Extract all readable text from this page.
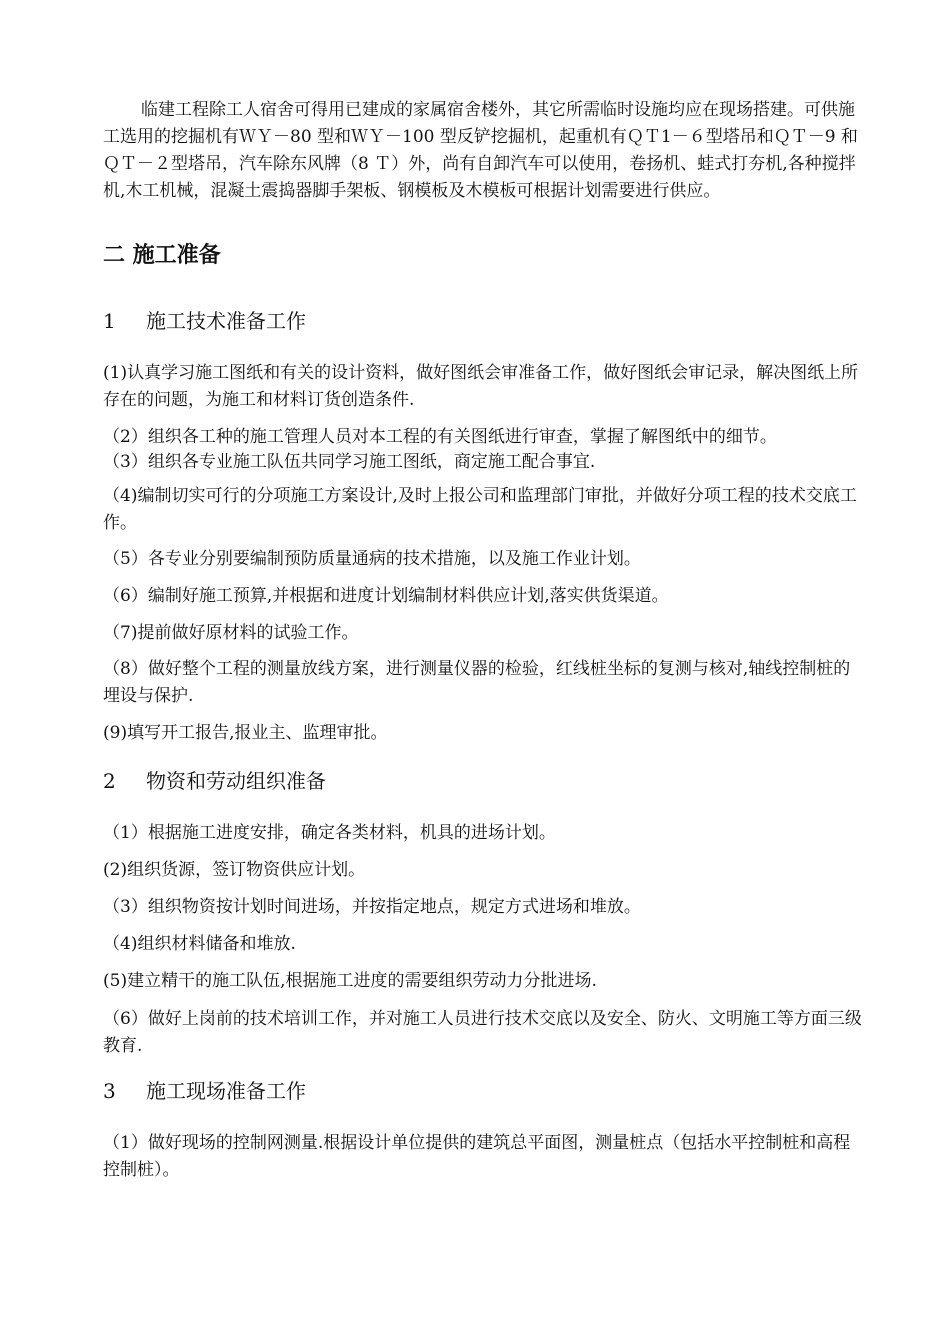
临建工程除工人宿舍可得用已建成的家属宿舍楼外，其它所需临时设施均应在现场搭建。可供施工选用的挖掘机有ＷＹ－80 型和ＷＹ－100 型反铲挖掘机，起重机有ＱＴ1－６型塔吊和ＱＴ－9 和ＱＴ－２型塔吊，汽车除东风牌（8 Ｔ）外，尚有自卸汽车可以使用，卷扬机、蛙式打夯机,各种搅拌机,木工机械，混凝土震捣器脚手架板、钢模板及木模板可根据计划需要进行供应。

二 施工准备
1 施工技术准备工作

(1)认真学习施工图纸和有关的设计资料，做好图纸会审准备工作，做好图纸会审记录，解决图纸上所存在的问题，为施工和材料订货创造条件.

（2）组织各工种的施工管理人员对本工程的有关图纸进行审查，掌握了解图纸中的细节。

（3）组织各专业施工队伍共同学习施工图纸，商定施工配合事宜.

（4)编制切实可行的分项施工方案设计,及时上报公司和监理部门审批，并做好分项工程的技术交底工作。

（5）各专业分别要编制预防质量通病的技术措施，以及施工作业计划。

（6）编制好施工预算,并根据和进度计划编制材料供应计划,落实供货渠道。

（7)提前做好原材料的试验工作。

（8）做好整个工程的测量放线方案，进行测量仪器的检验，红线桩坐标的复测与核对,轴线控制桩的埋设与保护.

(9)填写开工报告,报业主、监理审批。

2 物资和劳动组织准备

（1）根据施工进度安排，确定各类材料，机具的进场计划。

(2)组织货源，签订物资供应计划。

（3）组织物资按计划时间进场，并按指定地点，规定方式进场和堆放。

（4)组织材料储备和堆放.

(5)建立精干的施工队伍,根据施工进度的需要组织劳动力分批进场.

（6）做好上岗前的技术培训工作，并对施工人员进行技术交底以及安全、防火、文明施工等方面三级教育.

3 施工现场准备工作

（1）做好现场的控制网测量.根据设计单位提供的建筑总平面图，测量桩点（包括水平控制桩和高程控制桩）。
